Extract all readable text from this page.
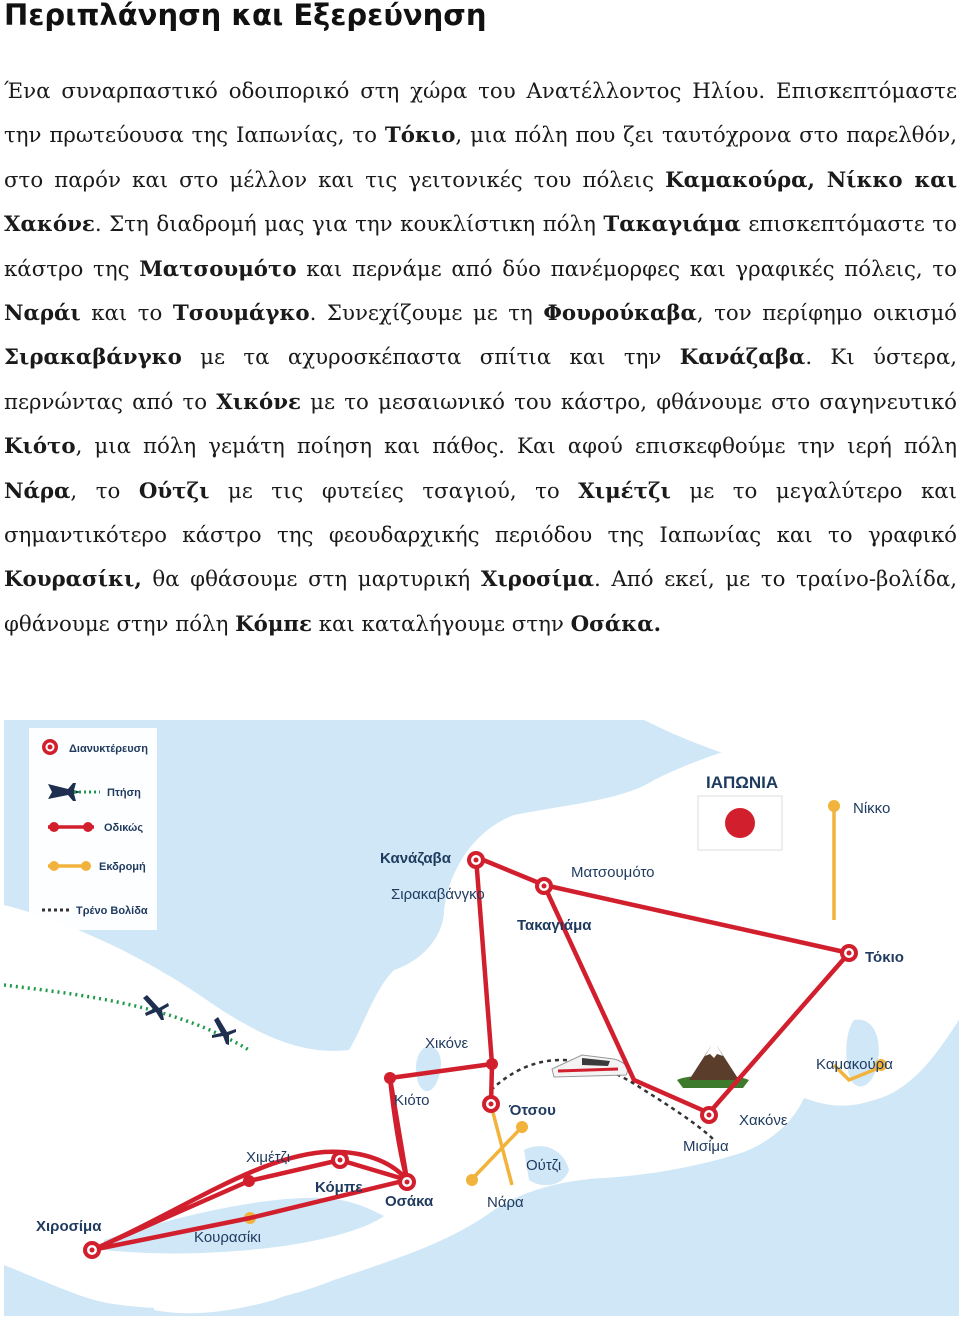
Περιπλάνηση και Εξερεύνηση
Ένα συναρπαστικό οδοιπορικό στη χώρα του Ανατέλλοντος Ηλίου. Επισκεπτόμαστε την πρωτεύουσα της Ιαπωνίας, το Τόκιο, μια πόλη που ζει ταυτόχρονα στο παρελθόν, στο παρόν και στο μέλλον και τις γειτονικές του πόλεις Καμακούρα, Νίκκο και Χακόνε. Στη διαδρομή μας για την κουκλίστικη πόλη Τακαγιάμα επισκεπτόμαστε το κάστρο της Ματσουμότο και περνάμε από δύο πανέμορφες και γραφικές πόλεις, το Ναράι και το Τσουμάγκο. Συνεχίζουμε με τη Φουρούκαβα, τον περίφημο οικισμό Σιρακαβάνγκο με τα αχυροσκέπαστα σπίτια και την Κανάζαβα. Κι ύστερα, περνώντας από το Χικόνε με το μεσαιωνικό του κάστρο, φθάνουμε στο σαγηνευτικό Κιότο, μια πόλη γεμάτη ποίηση και πάθος. Και αφού επισκεφθούμε την ιερή πόλη Νάρα, το Ούτζι με τις φυτείες τσαγιού, το Χιμέτζι με το μεγαλύτερο και σημαντικότερο κάστρο της φεουδαρχικής περιόδου της Ιαπωνίας και το γραφικό Κουρασίκι, θα φθάσουμε στη μαρτυρική Χιροσίμα. Από εκεί, με το τραίνο-βολίδα, φθάνουμε στην πόλη Κόμπε και καταλήγουμε στην Οσάκα.
Διανυκτέρευση
Πτήση
Οδικώς
Εκδρομή
Τρένο Βολίδα
ΙΑΠΩΝΙΑ
Κανάζαβα
Σιρακαβάνγκο
Ματσουμότο
Τακαγιάμα
Νίκκο
Τόκιο
Χικόνε
Καμακούρα
Κιότο
Ότσου
Χακόνε
Μισίμα
Χιμέτζι	Ούτζι
Κόμπε
Οσάκα	Νάρα
Χιροσίμα
Κουρασίκι
